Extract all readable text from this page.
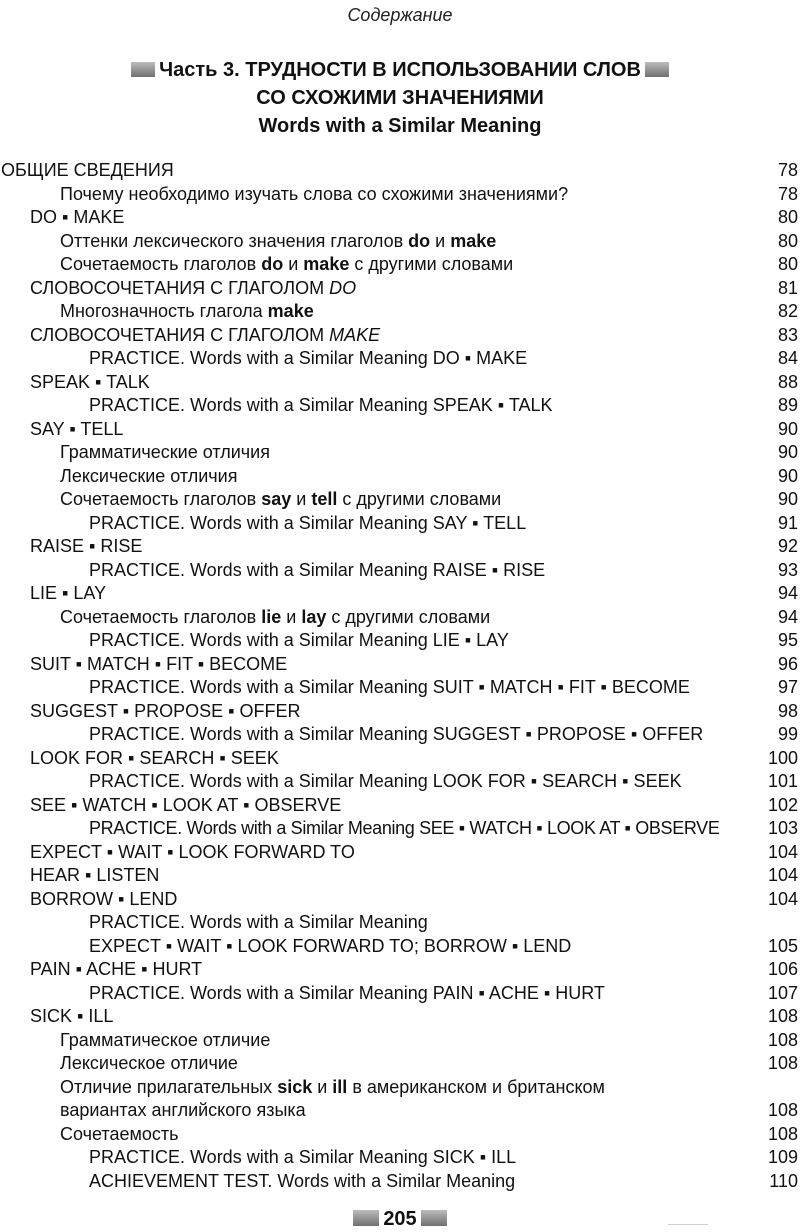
Содержание
Часть 3. ТРУДНОСТИ В ИСПОЛЬЗОВАНИИ СЛОВ
СО СХОЖИМИ ЗНАЧЕНИЯМИ
Words with a Similar Meaning
ОБЩИЕ СВЕДЕНИЯ	78
Почему необходимо изучать слова со схожими значениями?	78
DO ▪ MAKE	80
Оттенки лексического значения глаголов do и make	80
Сочетаемость глаголов do и make с другими словами	80
СЛОВОСОЧЕТАНИЯ С ГЛАГОЛОМ DO	81
Многозначность глагола make	82
СЛОВОСОЧЕТАНИЯ С ГЛАГОЛОМ MAKE	83
PRACTICE. Words with a Similar Meaning DO ▪ MAKE	84
SPEAK ▪ TALK	88
PRACTICE. Words with a Similar Meaning SPEAK ▪ TALK	89
SAY ▪ TELL	90
Грамматические отличия	90
Лексические отличия	90
Сочетаемость глаголов say и tell с другими словами	90
PRACTICE. Words with a Similar Meaning SAY ▪ TELL	91
RAISE ▪ RISE	92
PRACTICE. Words with a Similar Meaning RAISE ▪ RISE	93
LIE ▪ LAY	94
Сочетаемость глаголов lie и lay с другими словами	94
PRACTICE. Words with a Similar Meaning LIE ▪ LAY	95
SUIT ▪ MATCH ▪ FIT ▪ BECOME	96
PRACTICE. Words with a Similar Meaning SUIT ▪ MATCH ▪ FIT ▪ BECOME	97
SUGGEST ▪ PROPOSE ▪ OFFER	98
PRACTICE. Words with a Similar Meaning SUGGEST ▪ PROPOSE ▪ OFFER	99
LOOK FOR ▪ SEARCH ▪ SEEK	100
PRACTICE. Words with a Similar Meaning LOOK FOR ▪ SEARCH ▪ SEEK	101
SEE ▪ WATCH ▪ LOOK AT ▪ OBSERVE	102
PRACTICE. Words with a Similar Meaning SEE ▪ WATCH ▪ LOOK AT ▪ OBSERVE	103
EXPECT ▪ WAIT ▪ LOOK FORWARD TO	104
HEAR ▪ LISTEN	104
BORROW ▪ LEND	104
PRACTICE. Words with a Similar Meaning
EXPECT ▪ WAIT ▪ LOOK FORWARD TO; BORROW ▪ LEND	105
PAIN ▪ ACHE ▪ HURT	106
PRACTICE. Words with a Similar Meaning PAIN ▪ ACHE ▪ HURT	107
SICK ▪ ILL	108
Грамматическое отличие	108
Лексическое отличие	108
Отличие прилагательных sick и ill в американском и британском
вариантах английского языка	108
Сочетаемость	108
PRACTICE. Words with a Similar Meaning SICK ▪ ILL	109
ACHIEVEMENT TEST. Words with a Similar Meaning	110
205
